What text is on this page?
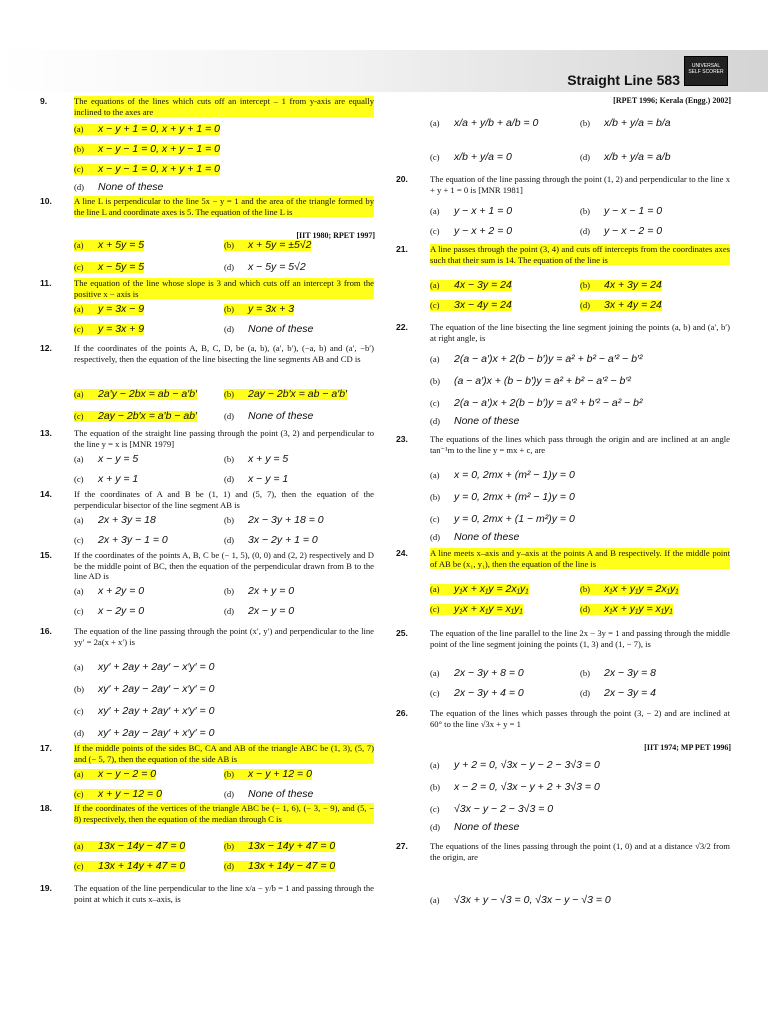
Straight Line 583
UNIVERSAL SELF SCORER
9.	The equations of the lines which cuts off an intercept – 1 from y-axis are equally inclined to the axes are
(a) x − y + 1 = 0, x + y + 1 = 0
(b) x − y − 1 = 0, x + y − 1 = 0
(c) x − y − 1 = 0, x + y + 1 = 0
(d) None of these
10.	A line L is perpendicular to the line 5x − y = 1 and the area of the triangle formed by the line L and coordinate axes is 5. The equation of the line L is
[IIT 1980; RPET 1997]
(a) x + 5y = 5	(b) x + 5y = ±5√2
(c) x − 5y = 5	(d) x − 5y = 5√2
11.	The equation of the line whose slope is 3 and which cuts off an intercept 3 from the positive x − axis is
(a) y = 3x − 9	(b) y = 3x + 3
(c) y = 3x + 9	(d) None of these
12.	If the coordinates of the points A, B, C, D, be (a, b), (a′, b′), (−a, b) and (a′, −b′) respectively, then the equation of the line bisecting the line segments AB and CD is
(a) 2a′y − 2bx = ab − a′b′	(b) 2ay − 2b′x = ab − a′b′
(c) 2ay − 2b′x = a′b − ab′	(d) None of these
13.	The equation of the straight line passing through the point (3, 2) and perpendicular to the line y = x is [MNR 1979]
(a) x − y = 5	(b) x + y = 5
(c) x + y = 1	(d) x − y = 1
14.	If the coordinates of A and B be (1, 1) and (5, 7), then the equation of the perpendicular bisector of the line segment AB is
(a) 2x + 3y = 18	(b) 2x − 3y + 18 = 0
(c) 2x + 3y − 1 = 0	(d) 3x − 2y + 1 = 0
15.	If the coordinates of the points A, B, C be (− 1, 5), (0, 0) and (2, 2) respectively and D be the middle point of BC, then the equation of the perpendicular drawn from B to the line AD is
(a) x + 2y = 0	(b) 2x + y = 0
(c) x − 2y = 0	(d) 2x − y = 0
16.	The equation of the line passing through the point (x′, y′) and perpendicular to the line yy′ = 2a(x + x′) is
(a) xy′ + 2ay + 2ay′ − x′y′ = 0
(b) xy′ + 2ay − 2ay′ − x′y′ = 0
(c) xy′ + 2ay + 2ay′ + x′y′ = 0
(d) xy′ + 2ay − 2ay′ + x′y′ = 0
17.	If the middle points of the sides BC, CA and AB of the triangle ABC be (1, 3), (5, 7) and (− 5, 7), then the equation of the side AB is
(a) x − y − 2 = 0	(b) x − y + 12 = 0
(c) x + y − 12 = 0	(d) None of these
18.	If the coordinates of the vertices of the triangle ABC be (− 1, 6), (− 3, − 9), and (5, − 8) respectively, then the equation of the median through C is
(a) 13x − 14y − 47 = 0	(b) 13x − 14y + 47 = 0
(c) 13x + 14y + 47 = 0	(d) 13x + 14y − 47 = 0
19.	The equation of the line perpendicular to the line x/a − y/b = 1 and passing through the point at which it cuts x–axis, is
[RPET 1996; Kerala (Engg.) 2002]
(a) x/a + y/b + a/b = 0	(b) x/b + y/a = b/a
(c) x/b + y/a = 0	(d) x/b + y/a = a/b
20.	The equation of the line passing through the point (1, 2) and perpendicular to the line x + y + 1 = 0 is [MNR 1981]
(a) y − x + 1 = 0	(b) y − x − 1 = 0
(c) y − x + 2 = 0	(d) y − x − 2 = 0
21.	A line passes through the point (3, 4) and cuts off intercepts from the coordinates axes such that their sum is 14. The equation of the line is
(a) 4x − 3y = 24	(b) 4x + 3y = 24
(c) 3x − 4y = 24	(d) 3x + 4y = 24
22.	The equation of the line bisecting the line segment joining the points (a, b) and (a′, b′) at right angle, is
(a) 2(a − a′)x + 2(b − b′)y = a² + b² − a′² − b′²
(b) (a − a′)x + (b − b′)y = a² + b² − a′² − b′²
(c) 2(a − a′)x + 2(b − b′)y = a′² + b′² − a² − b²
(d) None of these
23.	The equations of the lines which pass through the origin and are inclined at an angle tan⁻¹m to the line y = mx + c, are
(a) x = 0, 2mx + (m² − 1)y = 0
(b) y = 0, 2mx + (m² − 1)y = 0
(c) y = 0, 2mx + (1 − m²)y = 0
(d) None of these
24.	A line meets x–axis and y–axis at the points A and B respectively. If the middle point of AB be (x₁, y₁), then the equation of the line is
(a) y₁x + x₁y = 2x₁y₁	(b) x₁x + y₁y = 2x₁y₁
(c) y₁x + x₁y = x₁y₁	(d) x₁x + y₁y = x₁y₁
25.	The equation of the line parallel to the line 2x − 3y = 1 and passing through the middle point of the line segment joining the points (1, 3) and (1, − 7), is
(a) 2x − 3y + 8 = 0	(b) 2x − 3y = 8
(c) 2x − 3y + 4 = 0	(d) 2x − 3y = 4
26.	The equation of the lines which passes through the point (3, − 2) and are inclined at 60° to the line √3x + y = 1
[IIT 1974; MP PET 1996]
(a) y + 2 = 0, √3x − y − 2 − 3√3 = 0
(b) x − 2 = 0, √3x − y + 2 + 3√3 = 0
(c) √3x − y − 2 − 3√3 = 0
(d) None of these
27.	The equations of the lines passing through the point (1, 0) and at a distance √3/2 from the origin, are
(a) √3x + y − √3 = 0, √3x − y − √3 = 0
